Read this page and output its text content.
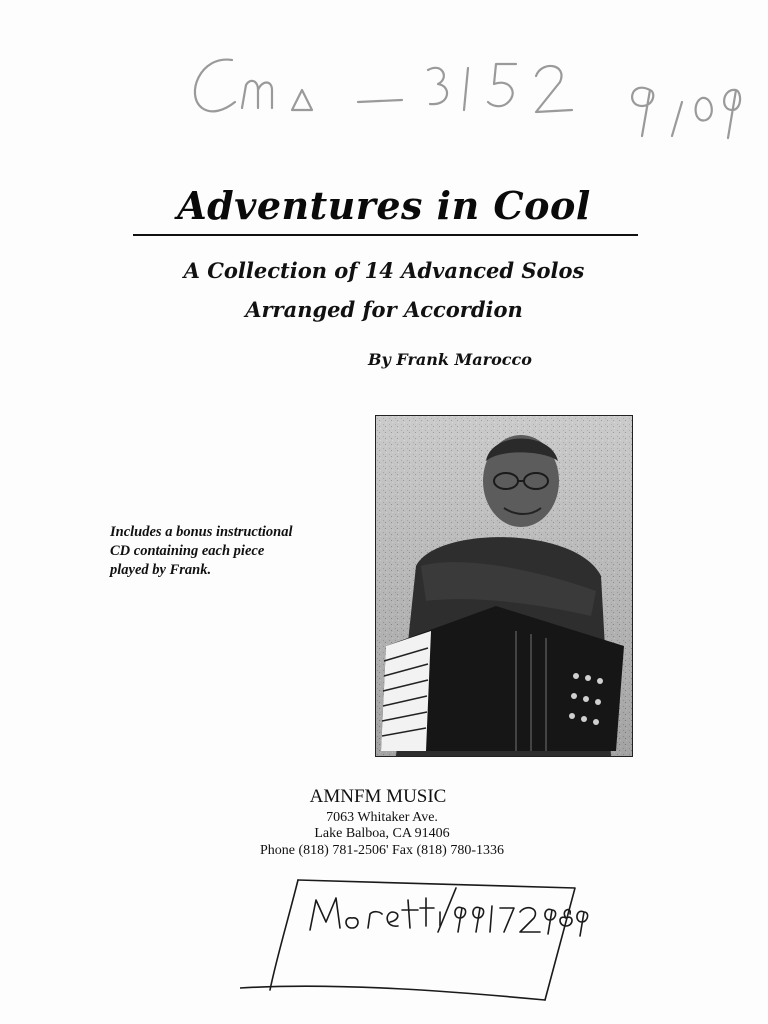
Adventures in Cool
A Collection of 14 Advanced Solos
Arranged for Accordion
By Frank Marocco
Includes a bonus instructional
CD containing each piece
played by Frank.
AMNFM MUSIC
7063 Whitaker Ave.
Lake Balboa, CA 91406
Phone (818) 781-2506' Fax (818) 780-1336
